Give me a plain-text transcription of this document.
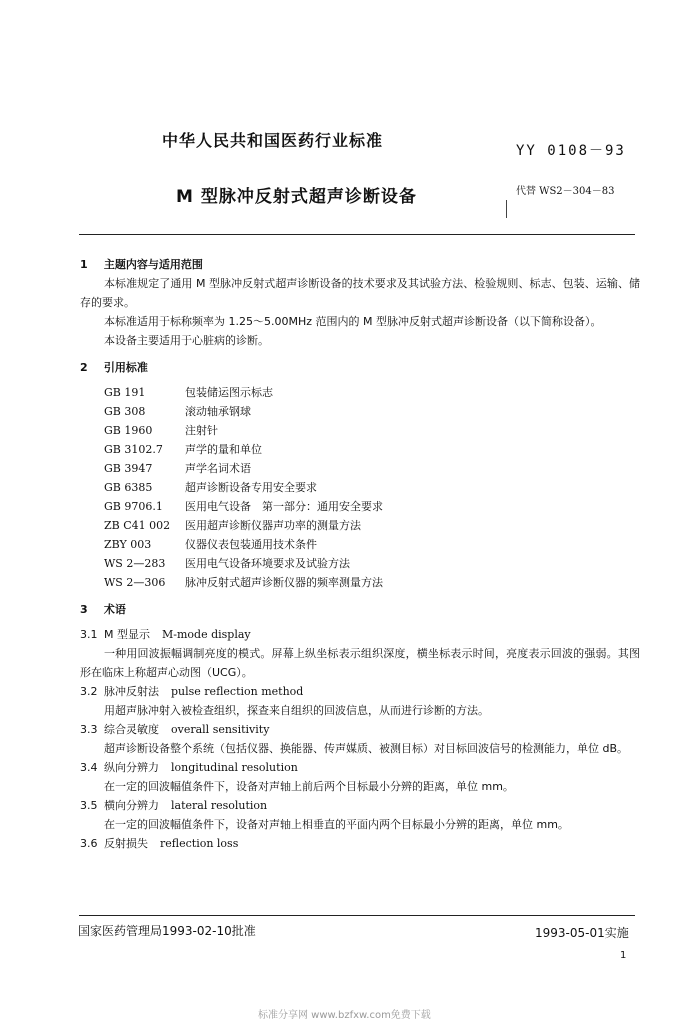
中华人民共和国医药行业标准
YY 0108－93
M 型脉冲反射式超声诊断设备	代替 WS2－304－83

1 主题内容与适用范围

本标准规定了通用 M 型脉冲反射式超声诊断设备的技术要求及其试验方法、检验规则、标志、包装、运输、储存的要求。

本标准适用于标称频率为 1.25～5.00MHz 范围内的 M 型脉冲反射式超声诊断设备（以下简称设备）。

本设备主要适用于心脏病的诊断。

2 引用标准

GB 191　	包装储运图示标志
GB 308　	滚动轴承钢球
GB 1960　	注射针
GB 3102.7　 声学的量和单位
GB 3947　	声学名词术语
GB 6385　	超声诊断设备专用安全要求
GB 9706.1　 医用电气设备　第一部分：通用安全要求
ZB C41 002　 医用超声诊断仪器声功率的测量方法
ZBY 003　	仪器仪表包装通用技术条件
WS 2—283　 医用电气设备环境要求及试验方法
WS 2—306　 脉冲反射式超声诊断仪器的频率测量方法

3 术语

3.1 M 型显示 M-mode display

一种用回波振幅调制亮度的模式。屏幕上纵坐标表示组织深度，横坐标表示时间，亮度表示回波的强弱。其图形在临床上称超声心动图（UCG）。

3.2 脉冲反射法 pulse reflection method

用超声脉冲射入被检查组织，探查来自组织的回波信息，从而进行诊断的方法。

3.3 综合灵敏度 overall sensitivity

超声诊断设备整个系统（包括仪器、换能器、传声媒质、被测目标）对目标回波信号的检测能力，单位 dB。

3.4 纵向分辨力 longitudinal resolution

在一定的回波幅值条件下，设备对声轴上前后两个目标最小分辨的距离，单位 mm。

3.5 横向分辨力 lateral resolution

在一定的回波幅值条件下，设备对声轴上相垂直的平面内两个目标最小分辨的距离，单位 mm。

3.6 反射损失 reflection loss

国家医药管理局1993-02-10批准	1993-05-01实施
1
标准分享网 www.bzfxw.com免费下载
